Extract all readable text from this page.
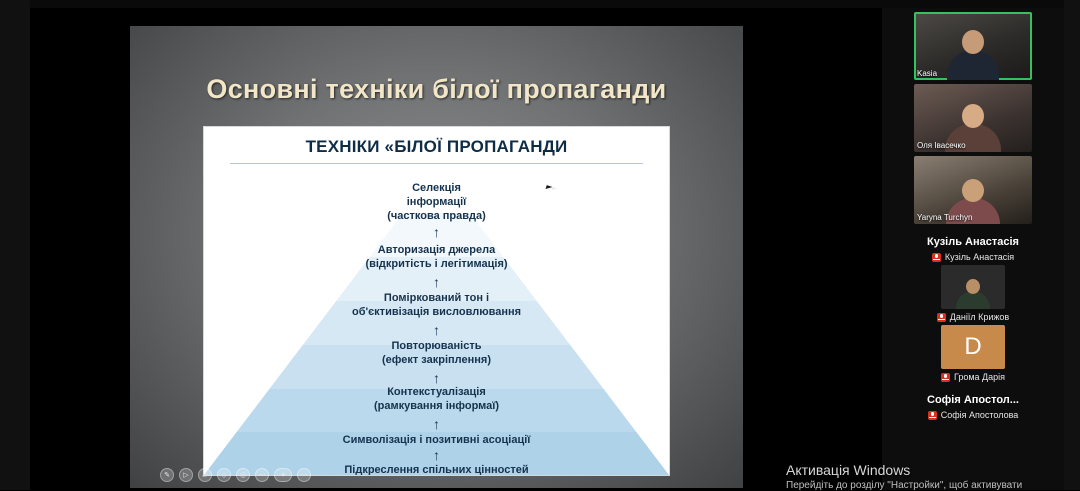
Основні техніки білої пропаганди
ТЕХНІКИ «БІЛОЇ ПРОПАГАНДИ
Селекція
інформації
(часткова правда)
↑
Авторизація джерела
(відкритість і легітимація)
↑
Поміркований тон і
об'єктивізація висловлювання
↑
Повторюваність
(ефект закріплення)
↑
Контекстуалізація
(рамкування інформаї)
↑
Символізація і позитивні асоціації
↑
Підкреслення спільних цінностей
✎	▷	▱	◇	◎	⋯	✦	⋯	Активація Windows
Перейдіть до розділу "Настройки", щоб активувати
Kasia
Оля Івасечко
Yaryna Turchyn
Кузіль Анастасія
Кузіль Анастасія
Даніїл Крижов
D
Грома Дарія
Софія Апостол...
Софія Апостолова
